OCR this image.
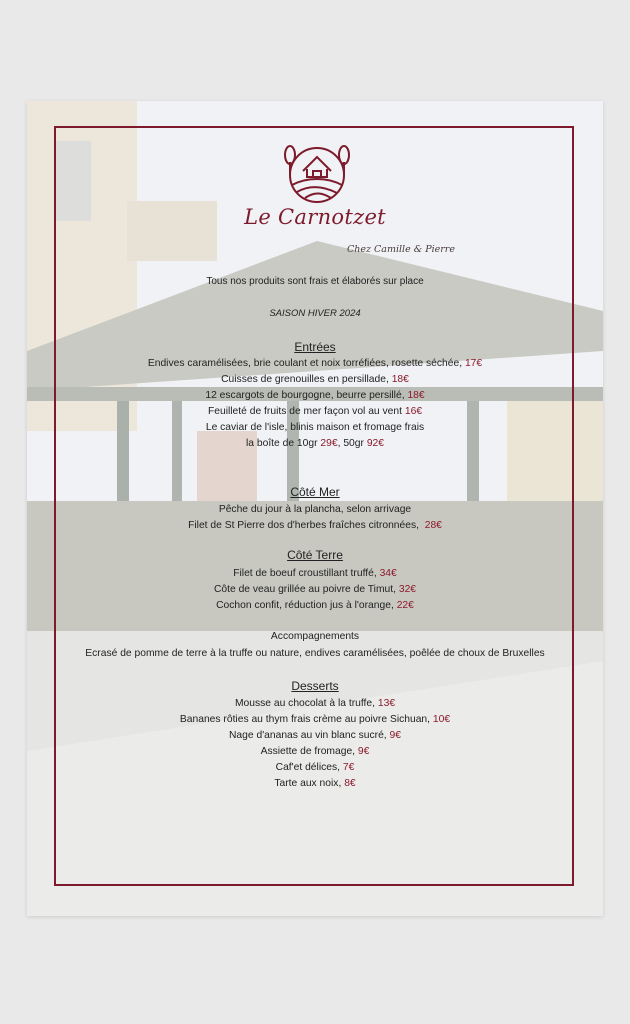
Le Carnotzet
Chez Camille & Pierre
Tous nos produits sont frais et élaborés sur place
SAISON HIVER 2024
Entrées
Endives caramélisées, brie coulant et noix torréfiées, rosette séchée, 17€
Cuisses de grenouilles en persillade, 18€
12 escargots de bourgogne, beurre persillé, 18€
Feuilleté de fruits de mer façon vol au vent 16€
Le caviar de l'isle, blinis maison et fromage frais
la boîte de 10gr 29€, 50gr 92€
Côté Mer
Pêche du jour à la plancha, selon arrivage
Filet de St Pierre dos d'herbes fraîches citronnées, 28€
Côté Terre
Filet de boeuf croustillant truffé, 34€
Côte de veau grillée au poivre de Timut, 32€
Cochon confit, réduction jus à l'orange, 22€
Accompagnements
Ecrasé de pomme de terre à la truffe ou nature, endives caramélisées, poêlée de choux de Bruxelles
Desserts
Mousse au chocolat à la truffe, 13€
Bananes rôties au thym frais crème au poivre Sichuan, 10€
Nage d'ananas au vin blanc sucré, 9€
Assiette de fromage, 9€
Caf'et délices, 7€
Tarte aux noix, 8€
